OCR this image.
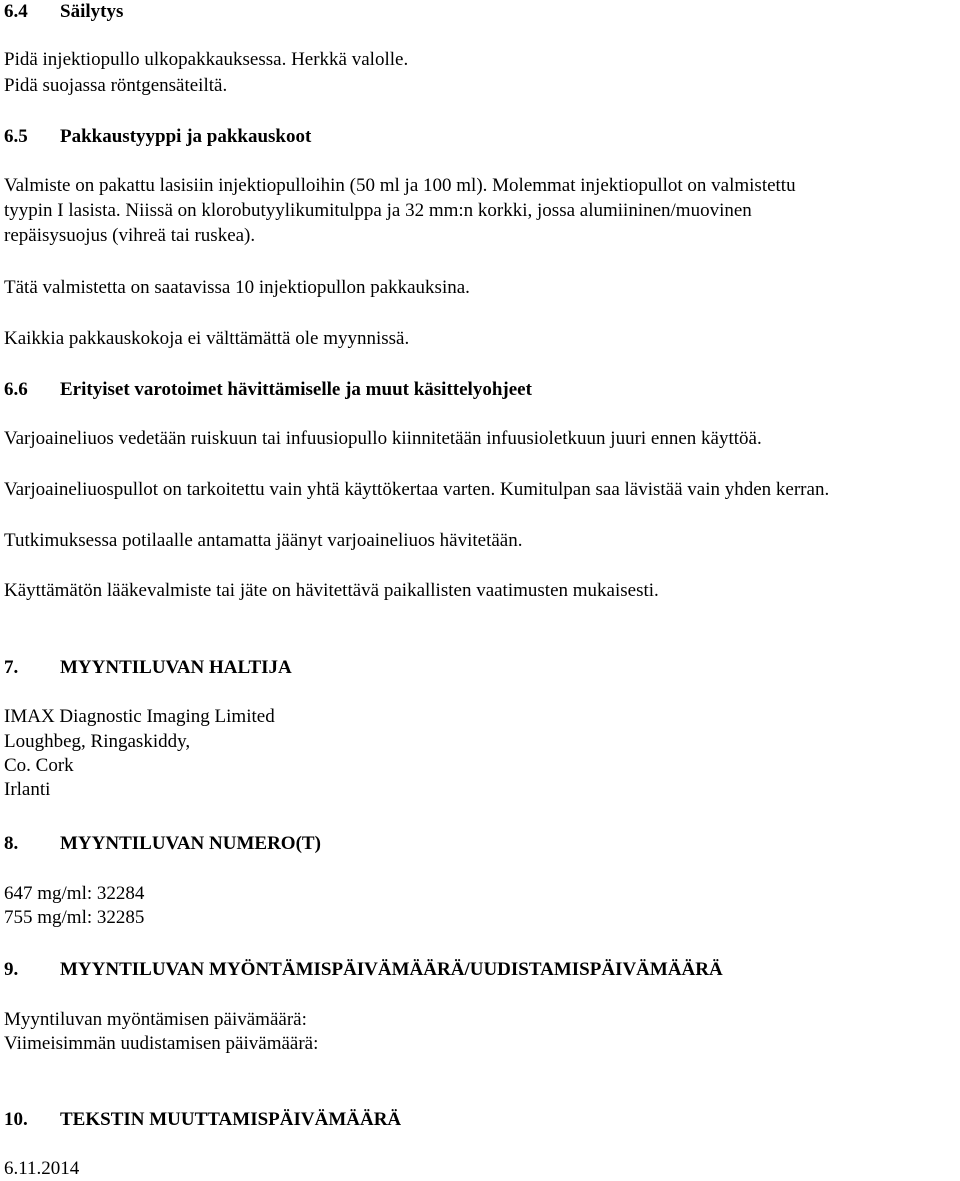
6.4 Säilytys
Pidä injektiopullo ulkopakkauksessa. Herkkä valolle.
Pidä suojassa röntgensäteiltä.
6.5 Pakkaustyyppi ja pakkauskoot
Valmiste on pakattu lasisiin injektiopulloihin (50 ml ja 100 ml). Molemmat injektiopullot on valmistettu
tyypin I lasista. Niissä on klorobutyylikumitulppa ja 32 mm:n korkki, jossa alumiininen/muovinen
repäisysuojus (vihreä tai ruskea).
Tätä valmistetta on saatavissa 10 injektiopullon pakkauksina.
Kaikkia pakkauskokoja ei välttämättä ole myynnissä.
6.6 Erityiset varotoimet hävittämiselle ja muut käsittelyohjeet
Varjoaineliuos vedetään ruiskuun tai infuusiopullo kiinnitetään infuusioletkuun juuri ennen käyttöä.
Varjoaineliuospullot on tarkoitettu vain yhtä käyttökertaa varten. Kumitulpan saa lävistää vain yhden kerran.
Tutkimuksessa potilaalle antamatta jäänyt varjoaineliuos hävitetään.
Käyttämätön lääkevalmiste tai jäte on hävitettävä paikallisten vaatimusten mukaisesti.
7. MYYNTILUVAN HALTIJA
IMAX Diagnostic Imaging Limited
Loughbeg, Ringaskiddy,
Co. Cork
Irlanti
8. MYYNTILUVAN NUMERO(T)
647 mg/ml: 32284
755 mg/ml: 32285
9. MYYNTILUVAN MYÖNTÄMISPÄIVÄMÄÄRÄ/UUDISTAMISPÄIVÄMÄÄRÄ
Myyntiluvan myöntämisen päivämäärä:
Viimeisimmän uudistamisen päivämäärä:
10. TEKSTIN MUUTTAMISPÄIVÄMÄÄRÄ
6.11.2014
